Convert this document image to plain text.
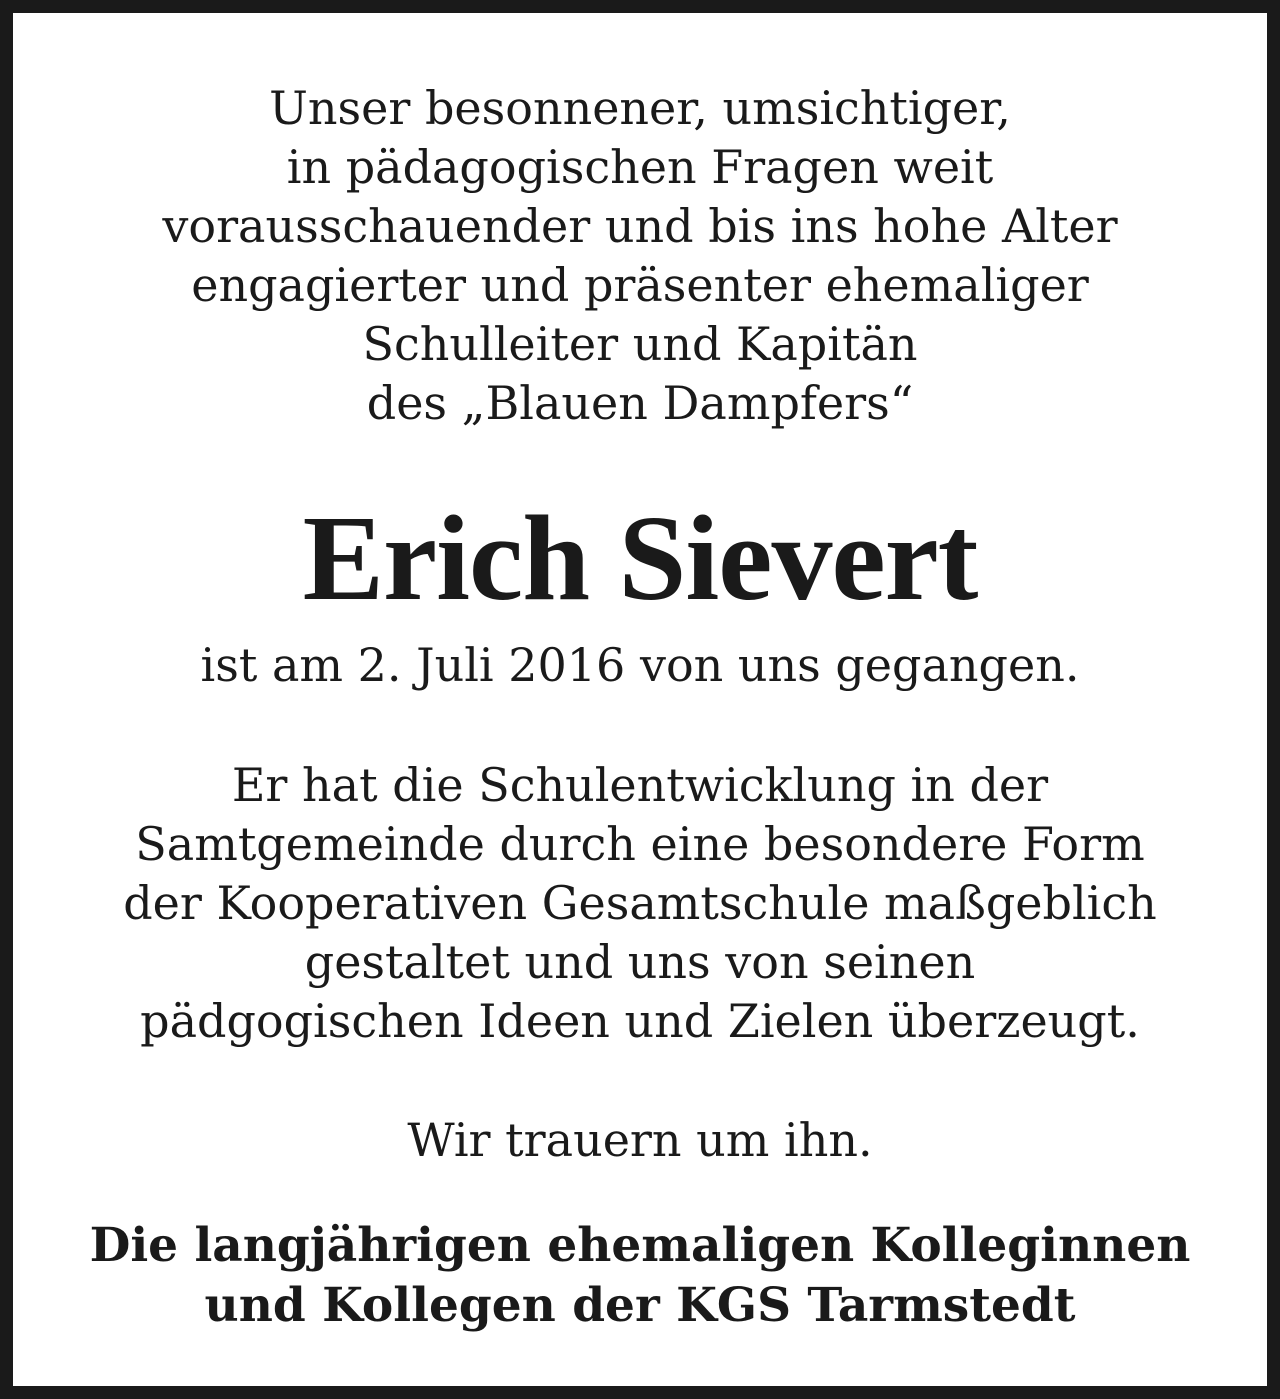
Unser besonnener, umsichtiger,
in pädagogischen Fragen weit
vorausschauender und bis ins hohe Alter
engagierter und präsenter ehemaliger
Schulleiter und Kapitän
des „Blauen Dampfers“
Erich Sievert
ist am 2. Juli 2016 von uns gegangen.
Er hat die Schulentwicklung in der
Samtgemeinde durch eine besondere Form
der Kooperativen Gesamtschule maßgeblich
gestaltet und uns von seinen
pädgogischen Ideen und Zielen überzeugt.
Wir trauern um ihn.
Die langjährigen ehemaligen Kolleginnen
und Kollegen der KGS Tarmstedt
